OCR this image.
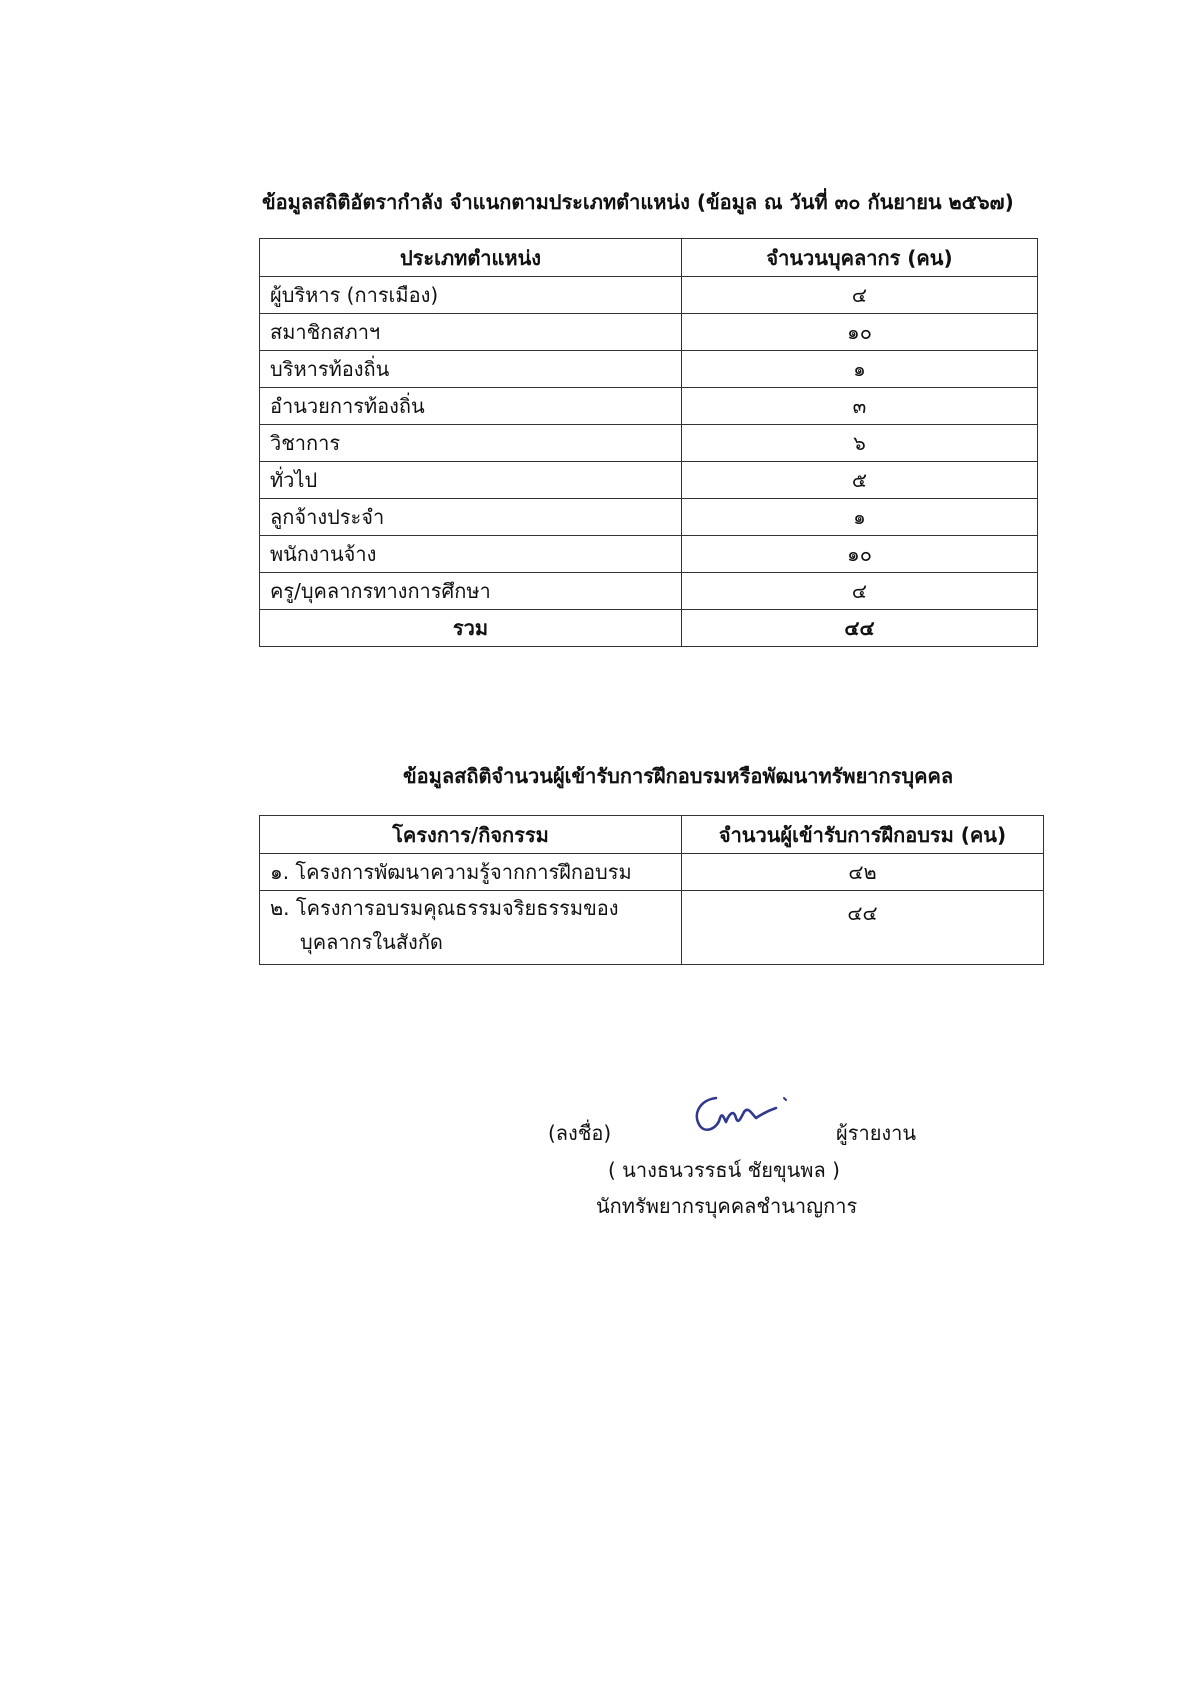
ข้อมูลสถิติอัตรากำลัง จำแนกตามประเภทตำแหน่ง (ข้อมูล ณ วันที่ ๓๐ กันยายน ๒๕๖๗)
ประเภทตำแหน่ง	จำนวนบุคลากร (คน)
ผู้บริหาร (การเมือง)	๔
สมาชิกสภาฯ	๑๐
บริหารท้องถิ่น	๑
อำนวยการท้องถิ่น	๓
วิชาการ	๖
ทั่วไป	๕
ลูกจ้างประจำ	๑
พนักงานจ้าง	๑๐
ครู/บุคลากรทางการศึกษา	๔
รวม	๔๔
ข้อมูลสถิติจำนวนผู้เข้ารับการฝึกอบรมหรือพัฒนาทรัพยากรบุคคล
โครงการ/กิจกรรม	จำนวนผู้เข้ารับการฝึกอบรม (คน)
๑. โครงการพัฒนาความรู้จากการฝึกอบรม	๔๒

๒. โครงการอบรมคุณธรรมจริยธรรมของ
บุคลากรในสังกัด	๔๔
(ลงชื่อ)	ผู้รายงาน
( นางธนวรรธน์ ชัยขุนพล )
นักทรัพยากรบุคคลชำนาญการ
